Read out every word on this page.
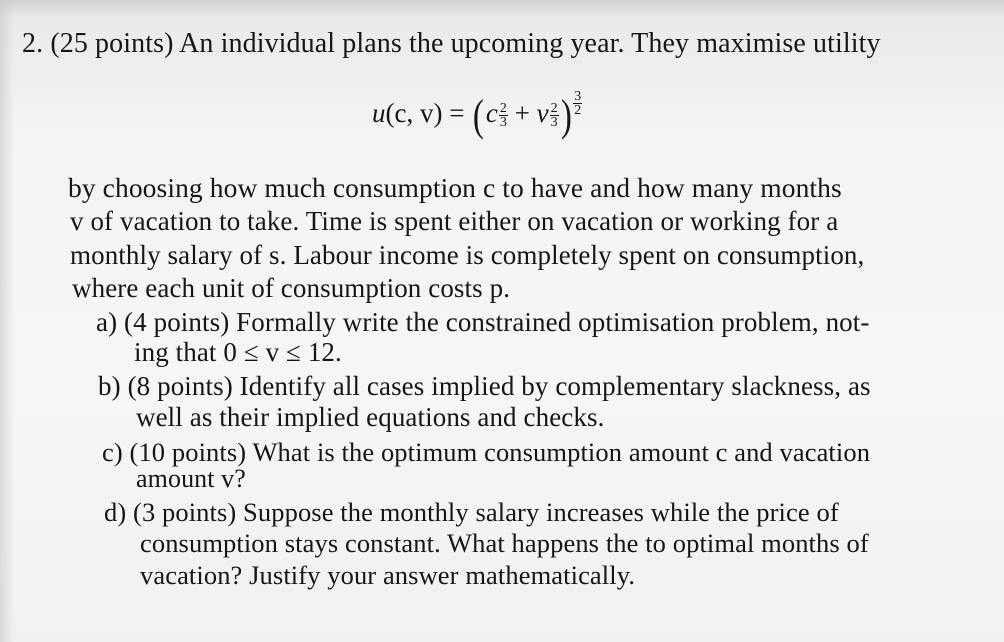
2. (25 points) An individual plans the upcoming year. They maximise utility
u(c, $v) = (c \frac{2}{3} + v \frac{2}{3}$ ) $\frac{3}{2}$
by choosing how much consumption c to have and how many months
v of vacation to take. Time is spent either on vacation or working for a
monthly salary of s. Labour income is completely spent on consumption,
where each unit of consumption costs p.
a) (4 points) Formally write the constrained optimisation problem, not-
ing that 0 ≤ v ≤ 12.
b) (8 points) Identify all cases implied by complementary slackness, as
well as their implied equations and checks.
c) (10 points) What is the optimum consumption amount c and vacation
amount v?
d) (3 points) Suppose the monthly salary increases while the price of
consumption stays constant. What happens the to optimal months of
vacation? Justify your answer mathematically.
